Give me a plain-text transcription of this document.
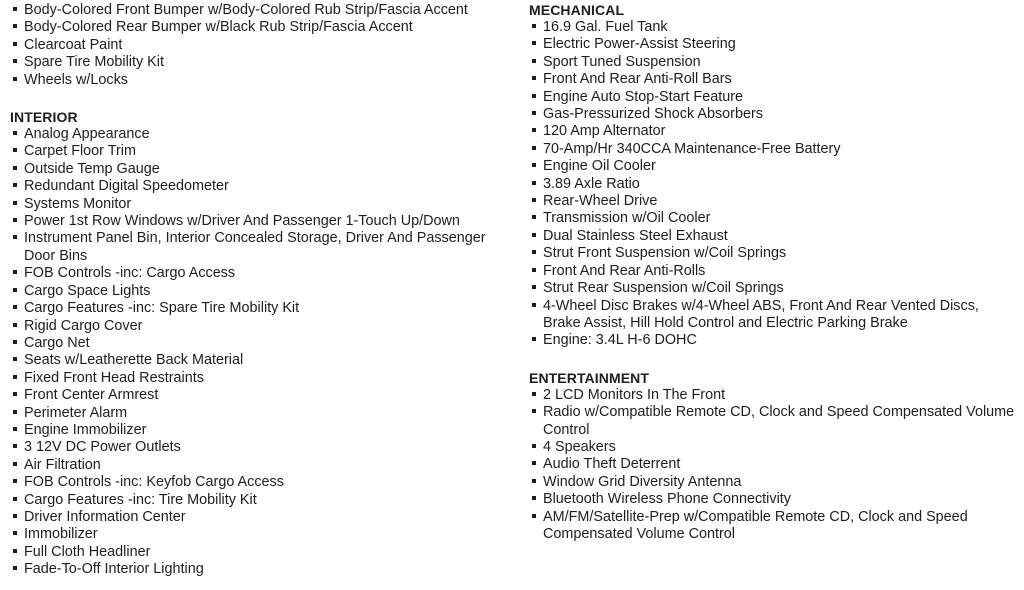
Body-Colored Front Bumper w/Body-Colored Rub Strip/Fascia Accent
Body-Colored Rear Bumper w/Black Rub Strip/Fascia Accent
Clearcoat Paint
Spare Tire Mobility Kit
Wheels w/Locks
INTERIOR
Analog Appearance
Carpet Floor Trim
Outside Temp Gauge
Redundant Digital Speedometer
Systems Monitor
Power 1st Row Windows w/Driver And Passenger 1-Touch Up/Down
Instrument Panel Bin, Interior Concealed Storage, Driver And Passenger Door Bins
FOB Controls -inc: Cargo Access
Cargo Space Lights
Cargo Features -inc: Spare Tire Mobility Kit
Rigid Cargo Cover
Cargo Net
Seats w/Leatherette Back Material
Fixed Front Head Restraints
Front Center Armrest
Perimeter Alarm
Engine Immobilizer
3 12V DC Power Outlets
Air Filtration
FOB Controls -inc: Keyfob Cargo Access
Cargo Features -inc: Tire Mobility Kit
Driver Information Center
Immobilizer
Full Cloth Headliner
Fade-To-Off Interior Lighting
MECHANICAL
16.9 Gal. Fuel Tank
Electric Power-Assist Steering
Sport Tuned Suspension
Front And Rear Anti-Roll Bars
Engine Auto Stop-Start Feature
Gas-Pressurized Shock Absorbers
120 Amp Alternator
70-Amp/Hr 340CCA Maintenance-Free Battery
Engine Oil Cooler
3.89 Axle Ratio
Rear-Wheel Drive
Transmission w/Oil Cooler
Dual Stainless Steel Exhaust
Strut Front Suspension w/Coil Springs
Front And Rear Anti-Rolls
Strut Rear Suspension w/Coil Springs
4-Wheel Disc Brakes w/4-Wheel ABS, Front And Rear Vented Discs, Brake Assist, Hill Hold Control and Electric Parking Brake
Engine: 3.4L H-6 DOHC
ENTERTAINMENT
2 LCD Monitors In The Front
Radio w/Compatible Remote CD, Clock and Speed Compensated Volume Control
4 Speakers
Audio Theft Deterrent
Window Grid Diversity Antenna
Bluetooth Wireless Phone Connectivity
AM/FM/Satellite-Prep w/Compatible Remote CD, Clock and Speed Compensated Volume Control
